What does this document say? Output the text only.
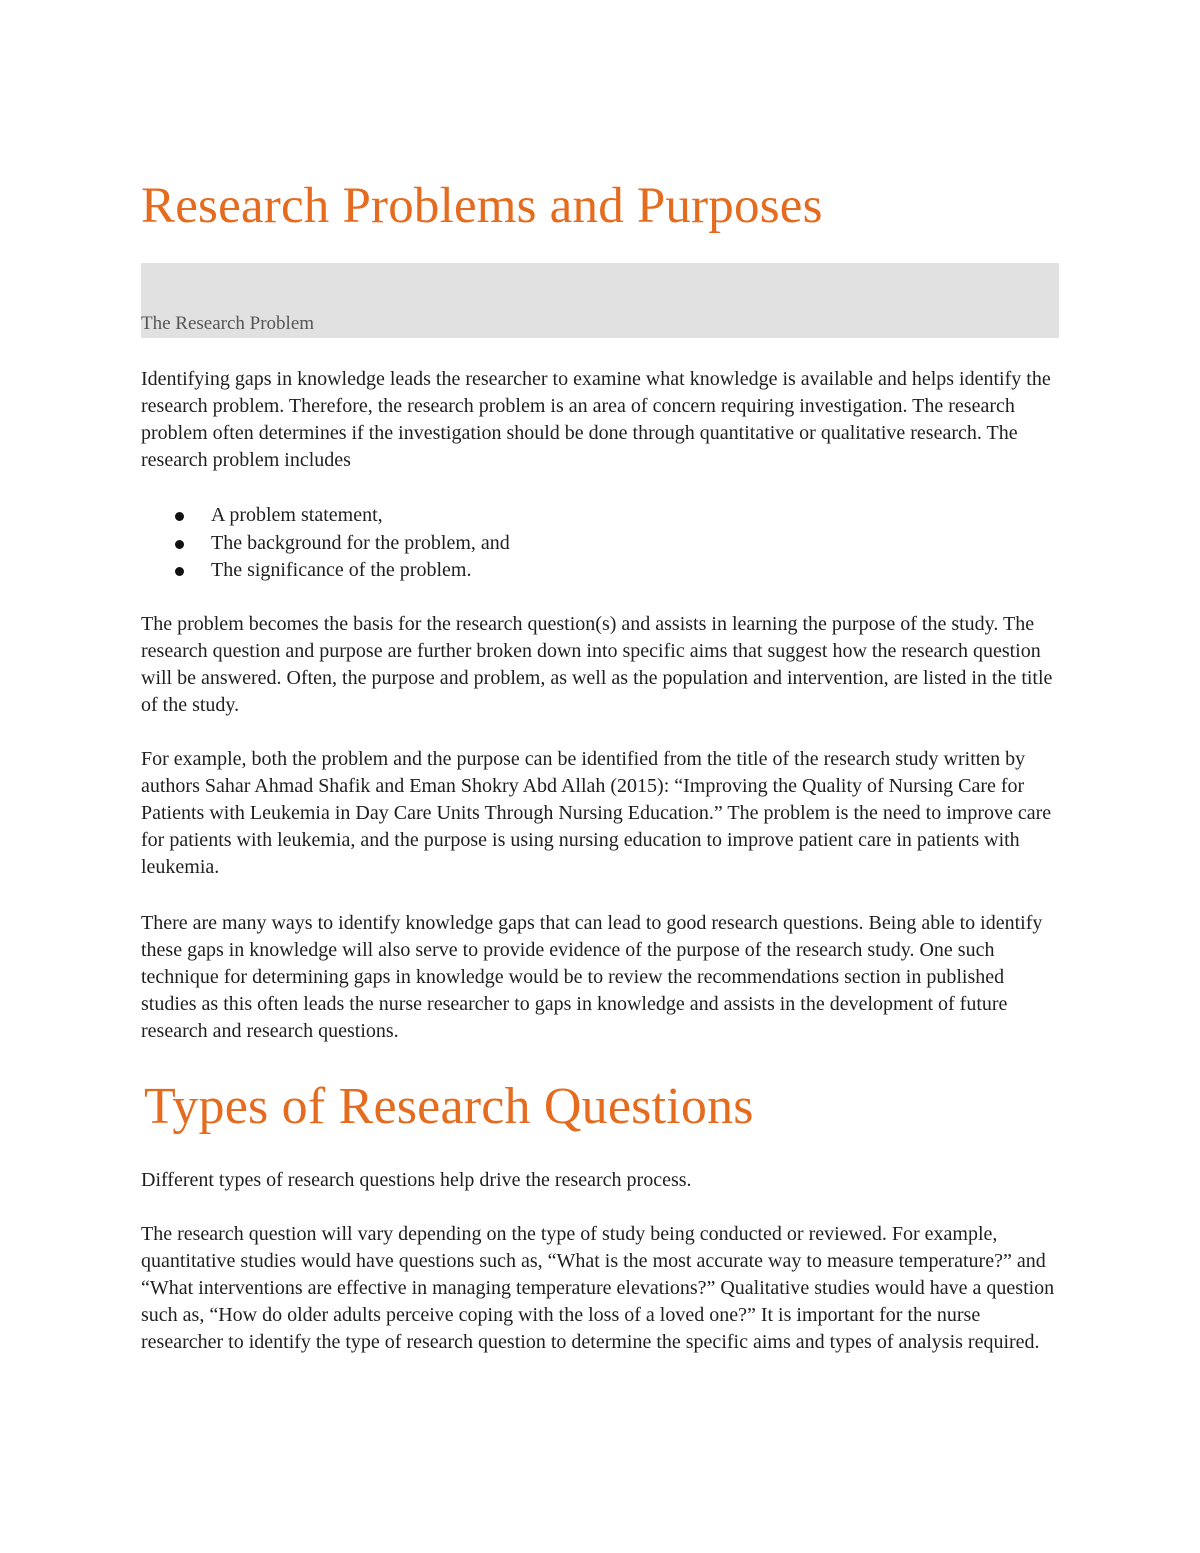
Research Problems and Purposes
The Research Problem

Identifying gaps in knowledge leads the researcher to examine what knowledge is available and helps identify the research problem. Therefore, the research problem is an area of concern requiring investigation. The research problem often determines if the investigation should be done through quantitative or qualitative research. The research problem includes

A problem statement,
The background for the problem, and
The significance of the problem.

The problem becomes the basis for the research question(s) and assists in learning the purpose of the study. The research question and purpose are further broken down into specific aims that suggest how the research question will be answered. Often, the purpose and problem, as well as the population and intervention, are listed in the title of the study.

For example, both the problem and the purpose can be identified from the title of the research study written by authors Sahar Ahmad Shafik and Eman Shokry Abd Allah (2015): “Improving the Quality of Nursing Care for Patients with Leukemia in Day Care Units Through Nursing Education.” The problem is the need to improve care for patients with leukemia, and the purpose is using nursing education to improve patient care in patients with leukemia.

There are many ways to identify knowledge gaps that can lead to good research questions. Being able to identify these gaps in knowledge will also serve to provide evidence of the purpose of the research study. One such technique for determining gaps in knowledge would be to review the recommendations section in published studies as this often leads the nurse researcher to gaps in knowledge and assists in the development of future research and research questions.

Types of Research Questions

Different types of research questions help drive the research process.

The research question will vary depending on the type of study being conducted or reviewed. For example, quantitative studies would have questions such as, “What is the most accurate way to measure temperature?” and “What interventions are effective in managing temperature elevations?” Qualitative studies would have a question such as, “How do older adults perceive coping with the loss of a loved one?” It is important for the nurse researcher to identify the type of research question to determine the specific aims and types of analysis required.
